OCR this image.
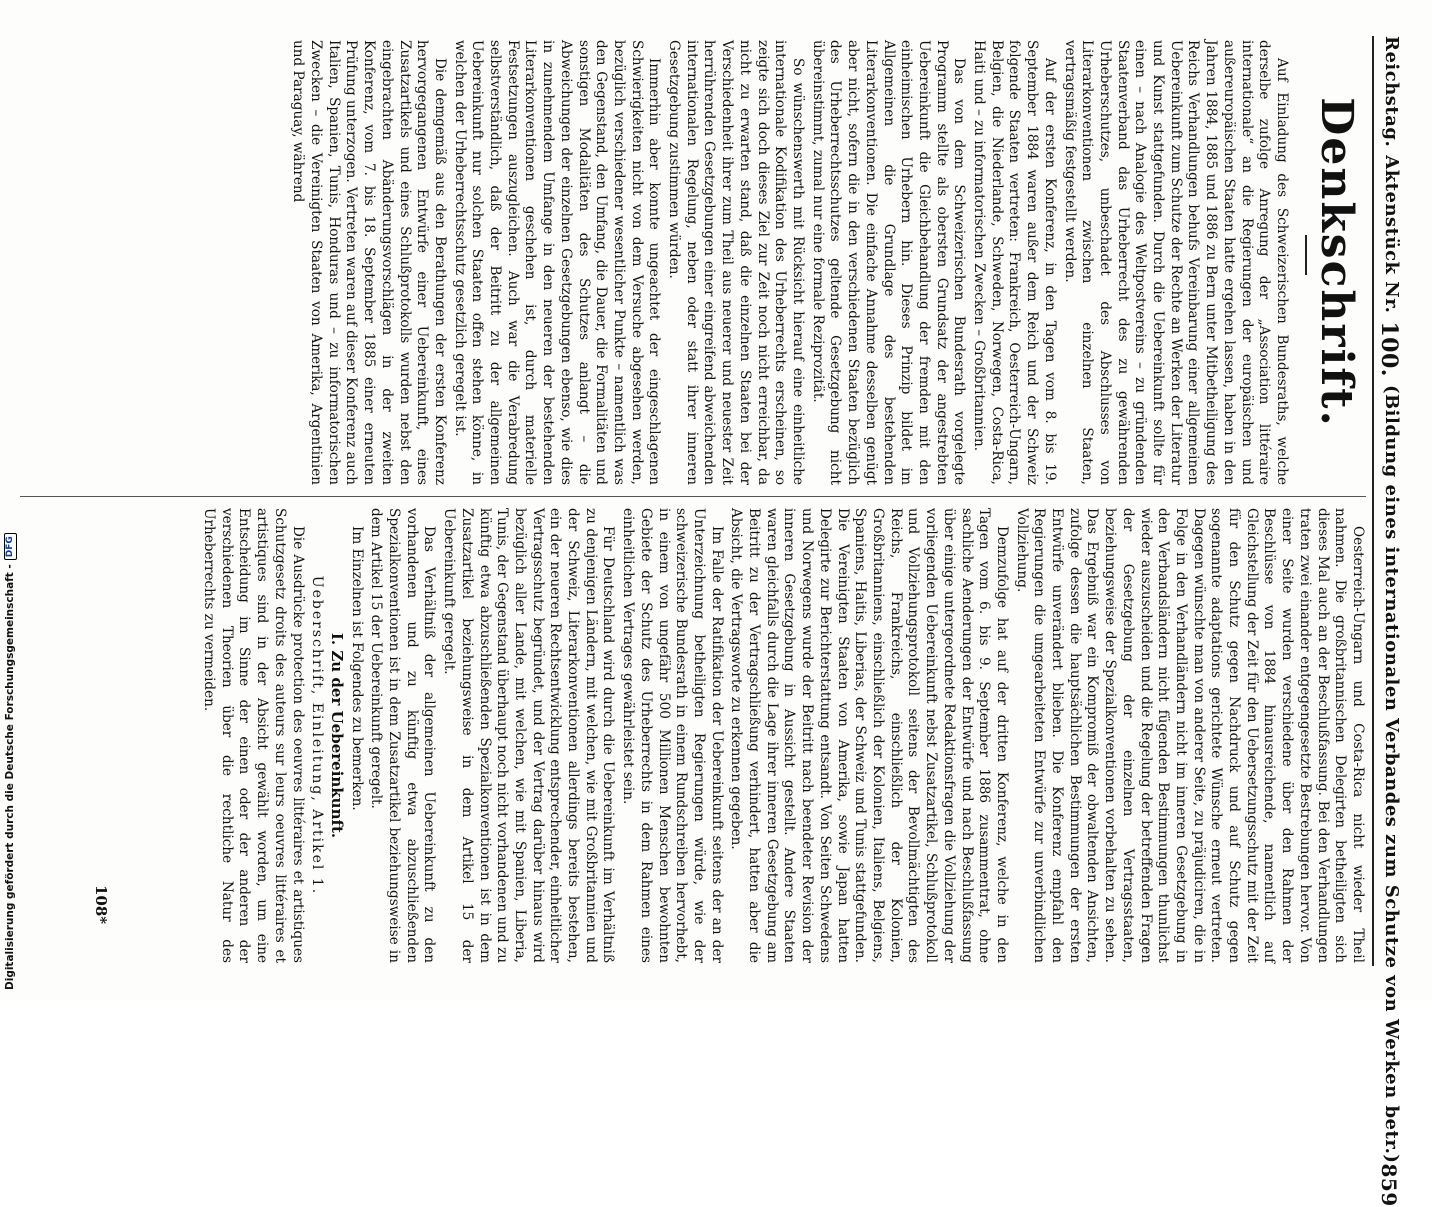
Reichstag.
Aktenstück Nr.
100.
(Bildung eines internationalen Verbandes zum Schutze von Werken betr.)
859
Denkschrift.

Auf Einladung des Schweizerischen Bundesraths, welche derselbe zufolge Anregung der „Association littéraire internationale“ an die Regierungen der europäischen und außereuropäischen Staaten hatte ergehen lassen, haben in den Jahren 1884, 1885 und 1886 zu Bern unter Mitbetheiligung des Reichs Verhandlungen behufs Vereinbarung einer allgemeinen Uebereinkunft zum Schutze der Rechte an Werken der Literatur und Kunst stattgefunden. Durch die Uebereinkunft sollte für einen – nach Analogie des Weltpostvereins – zu gründenden Staatenverband das Urheberrecht des zu gewährenden Urheberschutzes, unbeschadet des Abschlusses von Literarkonventionen zwischen einzelnen Staaten, vertragsmäßig festgestellt werden.

Auf der ersten Konferenz, in den Tagen vom 8. bis 19. September 1884 waren außer dem Reich und der Schweiz folgende Staaten vertreten: Frankreich, Oesterreich-Ungarn, Belgien, die Niederlande, Schweden, Norwegen, Costa-Rica, Haiti und – zu informatorischen Zwecken – Großbritannien.

Das von dem Schweizerischen Bundesrath vorgelegte Programm stellte als obersten Grundsatz der angestrebten Uebereinkunft die Gleichbehandlung der fremden mit den einheimischen Urhebern hin. Dieses Prinzip bildet im Allgemeinen die Grundlage des bestehenden Literarkonventionen. Die einfache Annahme desselben genügt aber nicht, sofern die in den verschiedenen Staaten bezüglich des Urheberrechtsschutzes geltende Gesetzgebung nicht übereinstimmt, zumal nur eine formale Reziprozität.

So wünschenswerth mit Rücksicht hierauf eine einheitliche internationale Kodifikation des Urheberrechts erscheinen, so zeigte sich doch dieses Ziel zur Zeit noch nicht erreichbar, da nicht zu erwarten stand, daß die einzelnen Staaten bei der Verschiedenheit ihrer zum Theil aus neuerer und neuester Zeit herrührenden Gesetzgebungen einer eingreifend abweichenden internationalen Regelung, neben oder statt ihrer inneren Gesetzgebung zustimmen würden.

Immerhin aber konnte ungeachtet der eingeschlagenen Schwierigkeiten nicht von dem Versuche abgesehen werden, bezüglich verschiedener wesentlicher Punkte – namentlich was den Gegenstand, den Umfang, die Dauer, die Formalitäten und sonstigen Modalitäten des Schutzes anlangt – die Abweichungen der einzelnen Gesetzgebungen ebenso, wie dies in zunehmendem Umfange in den neueren der bestehenden Literarkonventionen geschehen ist, durch materielle Festsetzungen auszugleichen. Auch war die Verabredung selbstverständlich, daß der Beitritt zu der allgemeinen Uebereinkunft nur solchen Staaten offen stehen könne, in welchen der Urheberrechtsschutz gesetzlich geregelt ist.

Die demgemäß aus den Berathungen der ersten Konferenz hervorgegangenen Entwürfe einer Uebereinkunft, eines Zusatzartikels und eines Schlußprotokolls wurden nebst den eingebrachten Abänderungsvorschlägen in der zweiten Konferenz, vom 7. bis 18. September 1885 einer erneuten Prüfung unterzogen. Vertreten waren auf dieser Konferenz auch Italien, Spanien, Tunis, Honduras und – zu informatorischen Zwecken – die Vereinigten Staaten von Amerika, Argentinien und Paraguay, während

Oesterreich-Ungarn und Costa-Rica nicht wieder Theil nahmen. Die großbritannischen Delegirten betheiligten sich dieses Mal auch an der Beschlußfassung. Bei den Verhandlungen traten zwei einander entgegengesetzte Bestrebungen hervor. Von einer Seite wurden verschiedene über den Rahmen der Beschlüsse von 1884 hinausreichende, namentlich auf Gleichstellung der Zeit für den Uebersetzungsschutz mit der Zeit für den Schutz gegen Nachdruck und auf Schutz gegen sogenannte adaptations gerichtete Wünsche erneut vertreten. Dagegen wünschte man von anderer Seite, zu präjudiciren, die in Folge in den Verhandländern nicht im inneren Gesetzgebung in den Verbandsländern nicht fügenden Bestimmungen thunlichst wieder auszuscheiden und die Regelung der betreffenden Fragen der Gesetzgebung der einzelnen Vertragsstaaten, beziehungsweise der Spezialkonventionen vorbehalten zu sehen. Das Ergebniß war ein Kompromiß der obwaltenden Ansichten, zufolge dessen die hauptsächlichen Bestimmungen der ersten Entwürfe unverändert blieben. Die Konferenz empfahl den Regierungen die umgearbeiteten Entwürfe zur unverbindlichen Vollziehung.

Demzufolge hat auf der dritten Konferenz, welche in den Tagen vom 6. bis 9. September 1886 zusammentrat, ohne sachliche Aenderungen der Entwürfe und nach Beschlußfassung über einige untergeordnete Redaktionsfragen die Vollziehung der vorliegenden Uebereinkunft nebst Zusatzartikel, Schlußprotokoll und Vollziehungsprotokoll seitens der Bevollmächtigten des Reichs, Frankreichs, einschließlich der Kolonien, Großbritanniens, einschließlich der Kolonien, Italiens, Belgiens, Spaniens, Haitis, Liberias, der Schweiz und Tunis stattgefunden. Die Vereinigten Staaten von Amerika, sowie Japan hatten Delegirte zur Berichterstattung entsandt. Von Seiten Schwedens und Norwegens wurde der Beitritt nach beendeter Revision der inneren Gesetzgebung in Aussicht gestellt. Andere Staaten waren gleichfalls durch die Lage ihrer inneren Gesetzgebung am Beitritt zu der Vertragschließung verhindert, hatten aber die Absicht, die Vertragsworte zu erkennen gegeben.

Im Falle der Ratifikation der Uebereinkunft seitens der an der Unterzeichnung betheiligten Regierungen würde, wie der schweizerische Bundesrath in einem Rundschreiben hervorhebt, in einem von ungefähr 500 Millionen Menschen bewohnten Gebiete der Schutz des Urheberrechts in dem Rahmen eines einheitlichen Vertrages gewährleistet sein.

Für Deutschland wird durch die Uebereinkunft im Verhältniß zu denjenigen Ländern, mit welchen, wie mit Großbritannien und der Schweiz, Literarkonventionen allerdings bereits bestehen, ein der neueren Rechtsentwicklung entsprechender, einheitlicher Vertragsschutz begründet, und der Vertrag darüber hinaus wird bezüglich aller Lande, mit welchen, wie mit Spanien, Liberia, Tunis, der Gegenstand überhaupt noch nicht vorhandenen und zu künftig etwa abzuschließenden Spezialkonventionen ist in dem Zusatzartikel beziehungsweise in dem Artikel 15 der Uebereinkunft geregelt.

Das Verhältniß der allgemeinen Uebereinkunft zu den vorhandenen und zu künftig etwa abzuschließenden Spezialkonventionen ist in dem Zusatzartikel beziehungsweise in dem Artikel 15 der Uebereinkunft geregelt.

Im Einzelnen ist Folgendes zu bemerken.

I. Zu der Uebereinkunft.

Ueberschrift, Einleitung, Artikel 1.

Die Ausdrücke protection des oeuvres littéraires et artistiques Schutzgesetz droits des auteurs sur leurs oeuvres littéraires et artistiques sind in der Absicht gewählt worden, um eine Entscheidung im Sinne der einen oder der anderen der verschiedenen Theorien über die rechtliche Natur des Urheberrechts zu vermeiden.

108*
Digitalisierung gefördert durch die Deutsche Forschungsgemeinschaft -
DFG
